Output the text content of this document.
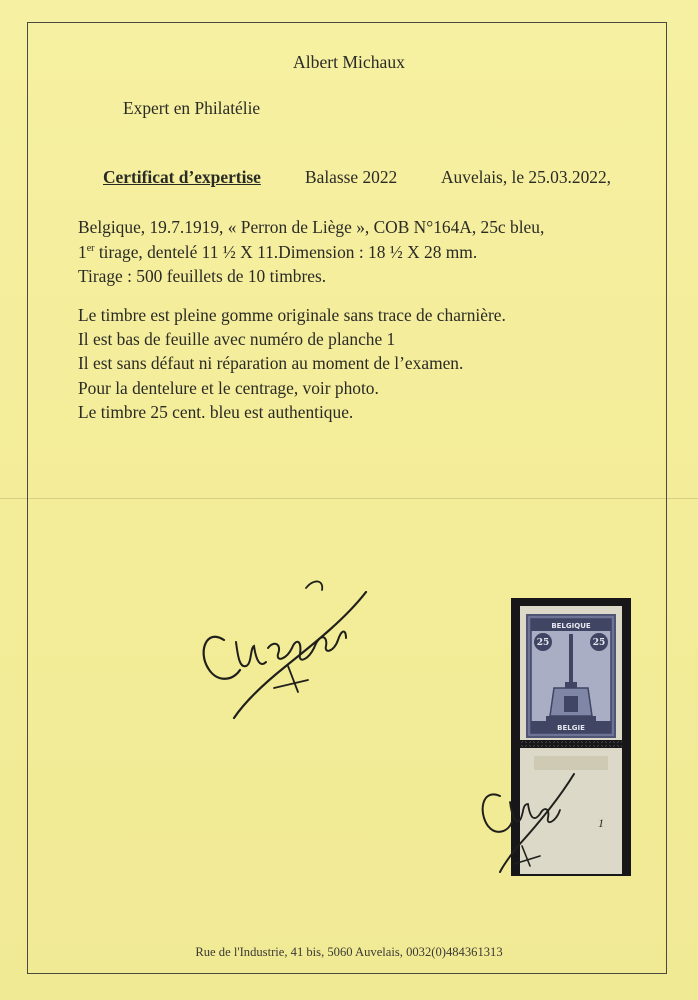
Albert Michaux
Expert en Philatélie
Certificat d’expertise	Balasse 2022	Auvelais, le 25.03.2022,
Belgique, 19.7.1919, « Perron de Liège », COB N°164A, 25c bleu,
1er tirage, dentelé 11 ½ X 11.Dimension : 18 ½ X 28 mm.
Tirage : 500 feuillets de 10 timbres.
Le timbre est pleine gomme originale sans trace de charnière.
Il est bas de feuille avec numéro de planche 1
Il est sans défaut ni réparation au moment de l’examen.
Pour la dentelure et le centrage, voir photo.
Le timbre 25 cent. bleu est authentique.
BELGIQUE
25	25
BELGIE
1
Rue de l'Industrie, 41 bis, 5060 Auvelais, 0032(0)484361313
